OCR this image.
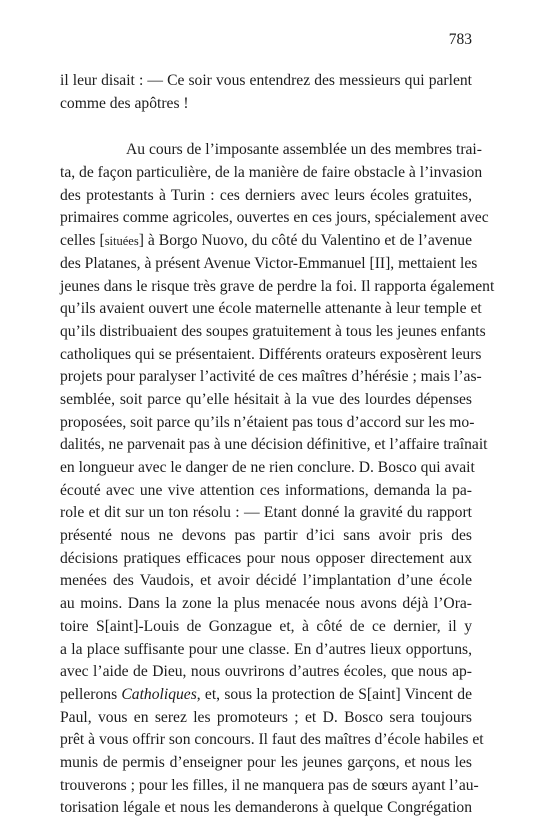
783
il leur disait : — Ce soir vous entendrez des messieurs qui parlent
comme des apôtres !
Au cours de l’imposante assemblée un des membres trai-
ta, de façon particulière, de la manière de faire obstacle à l’invasion
des protestants à Turin : ces derniers avec leurs écoles gratuites,
primaires comme agricoles, ouvertes en ces jours, spécialement avec
celles [situées] à Borgo Nuovo, du côté du Valentino et de l’avenue
des Platanes, à présent Avenue Victor-Emmanuel [II], mettaient les
jeunes dans le risque très grave de perdre la foi. Il rapporta également
qu’ils avaient ouvert une école maternelle attenante à leur temple et
qu’ils distribuaient des soupes gratuitement à tous les jeunes enfants
catholiques qui se présentaient. Différents orateurs exposèrent leurs
projets pour paralyser l’activité de ces maîtres d’hérésie ; mais l’as-
semblée, soit parce qu’elle hésitait à la vue des lourdes dépenses
proposées, soit parce qu’ils n’étaient pas tous d’accord sur les mo-
dalités, ne parvenait pas à une décision définitive, et l’affaire traînait
en longueur avec le danger de ne rien conclure. D. Bosco qui avait
écouté avec une vive attention ces informations, demanda la pa-
role et dit sur un ton résolu : — Etant donné la gravité du rapport
présenté nous ne devons pas partir d’ici sans avoir pris des
décisions pratiques efficaces pour nous opposer directement aux
menées des Vaudois, et avoir décidé l’implantation d’une école
au moins. Dans la zone la plus menacée nous avons déjà l’Ora-
toire S[aint]-Louis de Gonzague et, à côté de ce dernier, il y
a la place suffisante pour une classe. En d’autres lieux opportuns,
avec l’aide de Dieu, nous ouvrirons d’autres écoles, que nous ap-
pellerons Catholiques, et, sous la protection de S[aint] Vincent de
Paul, vous en serez les promoteurs ; et D. Bosco sera toujours
prêt à vous offrir son concours. Il faut des maîtres d’école habiles et
munis de permis d’enseigner pour les jeunes garçons, et nous les
trouverons ; pour les filles, il ne manquera pas de sœurs ayant l’au-
torisation légale et nous les demanderons à quelque Congrégation
